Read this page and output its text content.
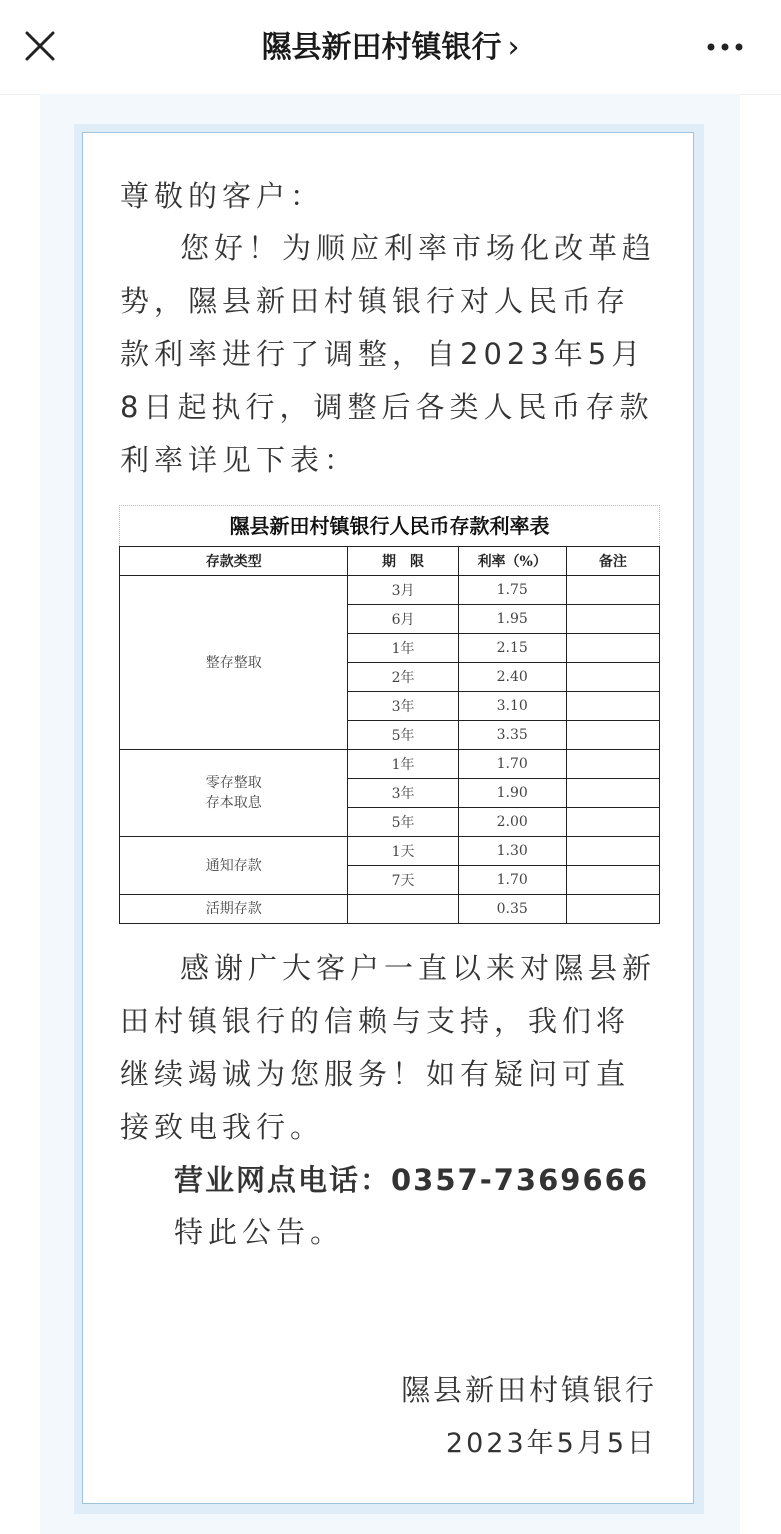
隰县新田村镇银行 ›
尊敬的客户：
您好！为顺应利率市场化改革趋势，隰县新田村镇银行对人民币存款利率进行了调整，自2023年5月8日起执行，调整后各类人民币存款利率详见下表：
隰县新田村镇银行人民币存款利率表
存款类型	期　限	利率（%）	备注
整存整取	3月	1.75	
	6月	1.95	
	1年	2.15	
	2年	2.40	
	3年	3.10	
	5年	3.35	
零存整取
存本取息	1年	1.70	
	3年	1.90	
	5年	2.00	
通知存款	1天	1.30	
	7天	1.70	
活期存款		0.35	
感谢广大客户一直以来对隰县新田村镇银行的信赖与支持，我们将继续竭诚为您服务！如有疑问可直接致电我行。
营业网点电话：0357-7369666
特此公告。
隰县新田村镇银行
2023年5月5日
